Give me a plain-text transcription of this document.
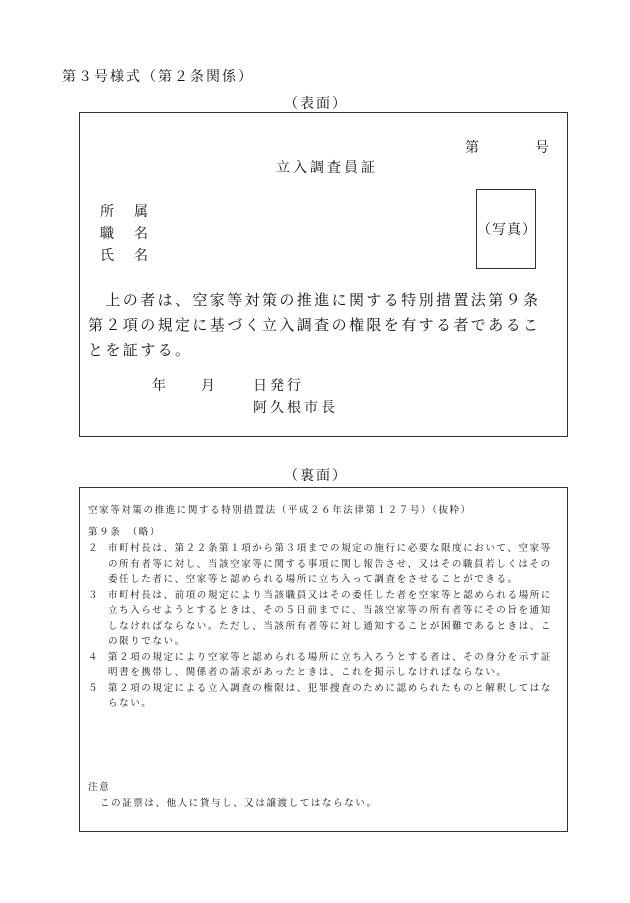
第３号様式（第２条関係）
（表面）
第	号
立入調査員証
所　属
職　名
氏　名
（写真）
　上の者は、空家等対策の推進に関する特別措置法第９条第２項の規定に基づく立入調査の権限を有する者であることを証する。
年 月	日発行
阿久根市長
（裏面）
空家等対策の推進に関する特別措置法（平成２６年法律第１２７号）（抜粋）
第９条　（略）
２ 市町村長は、第２２条第１項から第３項までの規定の施行に必要な限度において、空家等の所有者等に対し、当該空家等に関する事項に関し報告させ、又はその職員若しくはその委任した者に、空家等と認められる場所に立ち入って調査をさせることができる。
３ 市町村長は、前項の規定により当該職員又はその委任した者を空家等と認められる場所に立ち入らせようとするときは、その５日前までに、当該空家等の所有者等にその旨を通知しなければならない。ただし、当該所有者等に対し通知することが困難であるときは、この限りでない。
４ 第２項の規定により空家等と認められる場所に立ち入ろうとする者は、その身分を示す証明書を携帯し、関係者の請求があったときは、これを掲示しなければならない。
５ 第２項の規定による立入調査の権限は、犯罪捜査のために認められたものと解釈してはならない。
注意
この証票は、他人に貸与し、又は譲渡してはならない。
